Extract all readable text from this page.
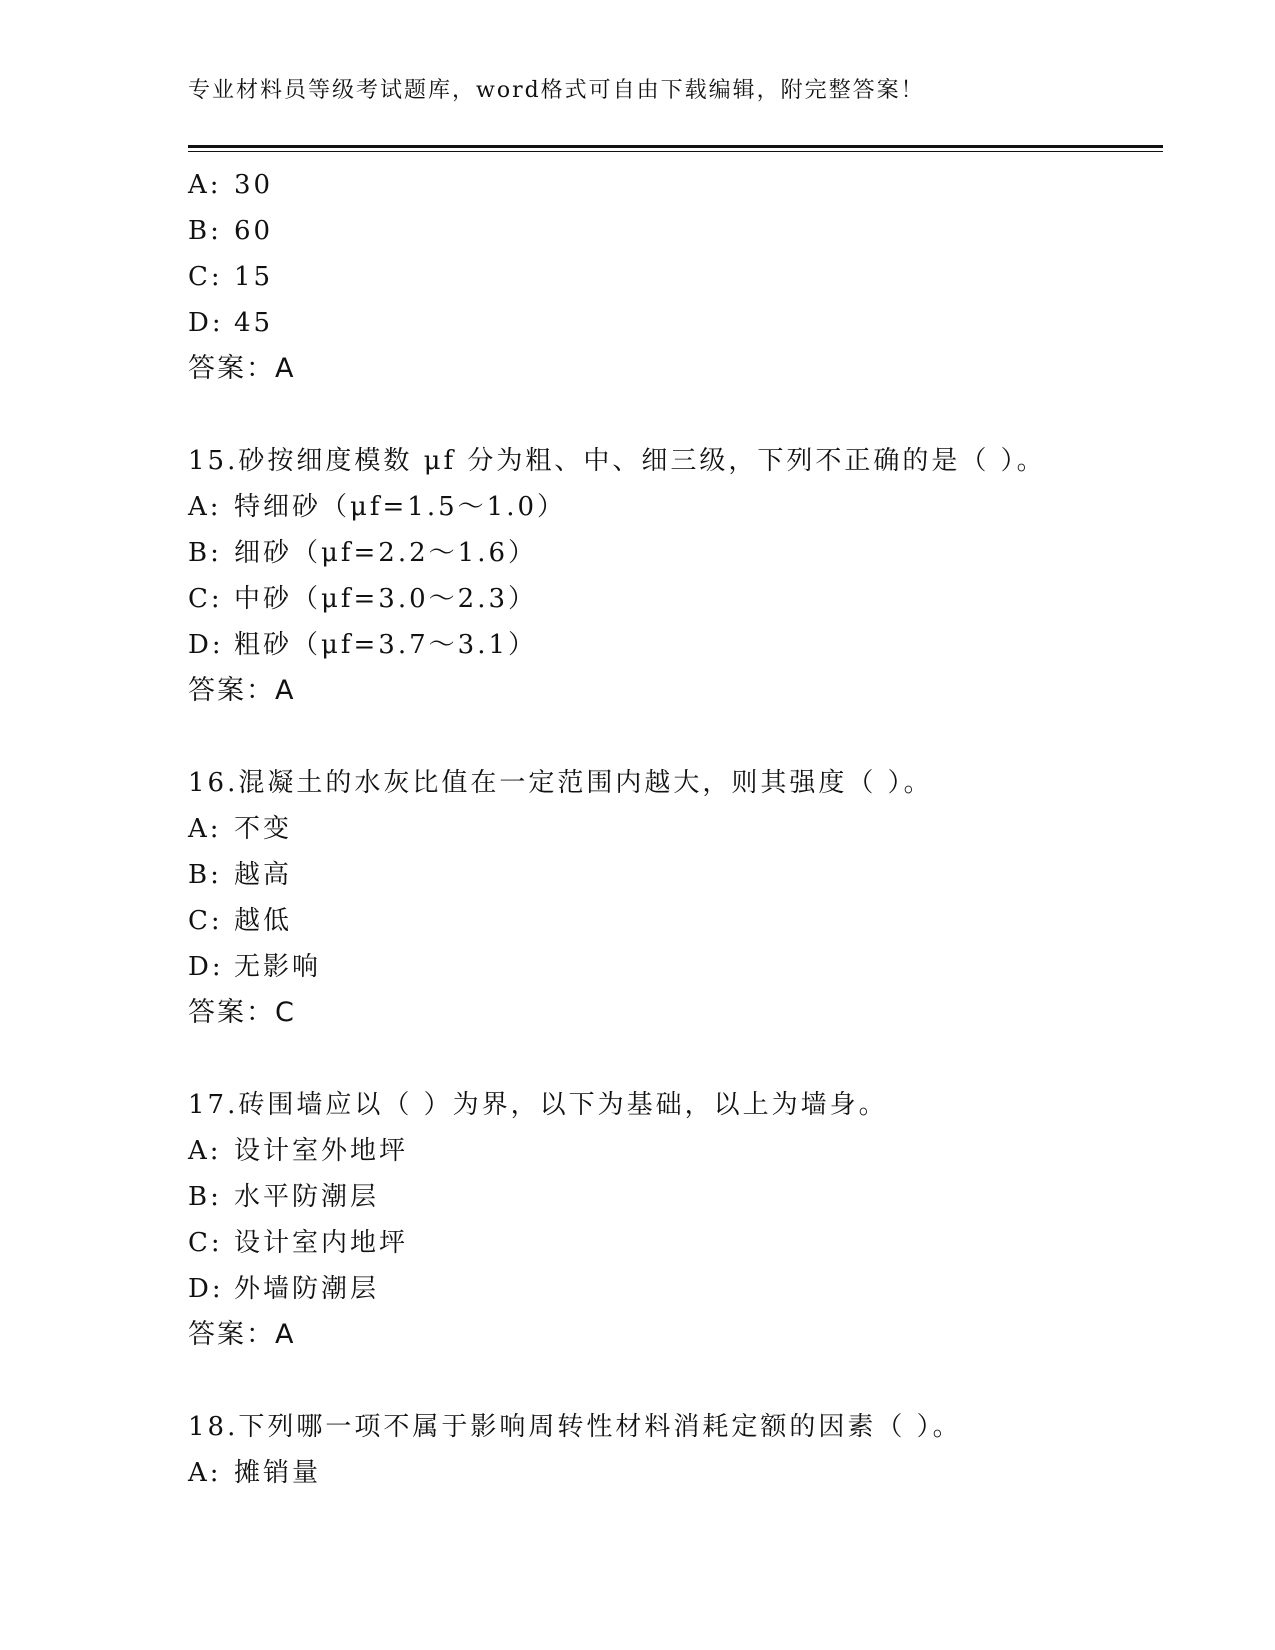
专业材料员等级考试题库，word格式可自由下载编辑，附完整答案！
A: 30
B: 60
C: 15
D: 45
答案：A
15.砂按细度模数 μf 分为粗、中、细三级，下列不正确的是（ ）。
A: 特细砂（μf=1.5～1.0）
B: 细砂（μf=2.2～1.6）
C: 中砂（μf=3.0～2.3）
D: 粗砂（μf=3.7～3.1）
答案：A
16.混凝土的水灰比值在一定范围内越大，则其强度（ ）。
A: 不变
B: 越高
C: 越低
D: 无影响
答案：C
17.砖围墙应以（ ）为界，以下为基础，以上为墙身。
A: 设计室外地坪
B: 水平防潮层
C: 设计室内地坪
D: 外墙防潮层
答案：A
18.下列哪一项不属于影响周转性材料消耗定额的因素（ ）。
A: 摊销量
